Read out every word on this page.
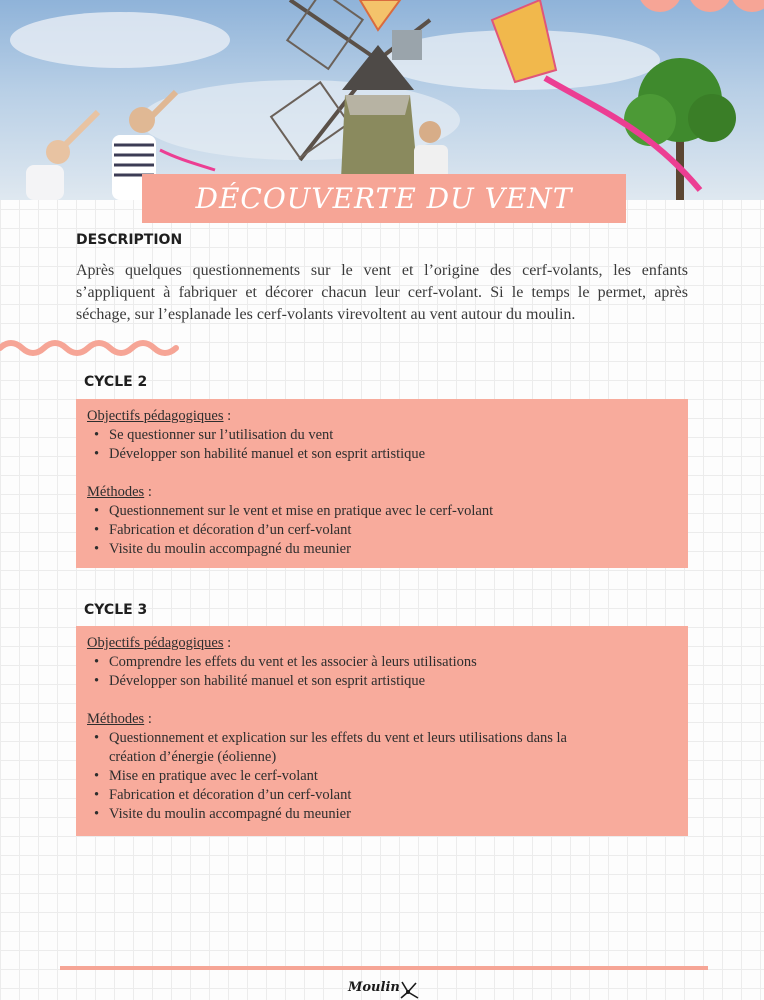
DÉCOUVERTE DU VENT
DESCRIPTION

Après quelques questionnements sur le vent et l’origine des cerf-volants, les enfants s’appliquent à fabriquer et décorer chacun leur cerf-volant. Si le temps le permet, après séchage, sur l’esplanade les cerf-volants virevoltent au vent autour du moulin.

CYCLE 2
Objectifs pédagogiques :
• Se questionner sur l’utilisation du vent
• Développer son habilité manuel et son esprit artistique
Méthodes :
• Questionnement sur le vent et mise en pratique avec le cerf-volant
• Fabrication et décoration d’un cerf-volant
• Visite du moulin accompagné du meunier
CYCLE 3
Objectifs pédagogiques :
• Comprendre les effets du vent et les associer à leurs utilisations
• Développer son habilité manuel et son esprit artistique
Méthodes :
• Questionnement et explication sur les effets du vent et leurs utilisations dans la création d’énergie (éolienne)
• Mise en pratique avec le cerf-volant
• Fabrication et décoration d’un cerf-volant
• Visite du moulin accompagné du meunier
Moulin
